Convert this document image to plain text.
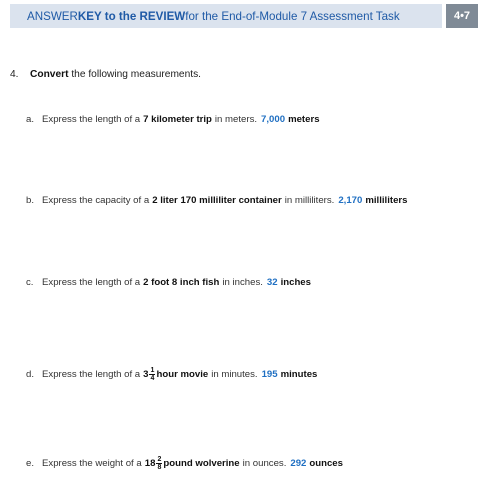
ANSWER KEY to the REVIEW for the End-of-Module 7 Assessment Task	4•7
4. Convert the following measurements.
a. Express the length of a 7 kilometer trip in meters. 7,000 meters
b. Express the capacity of a 2 liter 170 milliliter container in milliliters. 2,170 milliliters
c. Express the length of a 2 foot 8 inch fish in inches. 32 inches
d. Express the length of a $3 \frac{1}{4}$ hour movie in minutes. 195 minutes
e. Express the weight of a $18 \frac{2}{8}$ pound wolverine in ounces. 292 ounces
